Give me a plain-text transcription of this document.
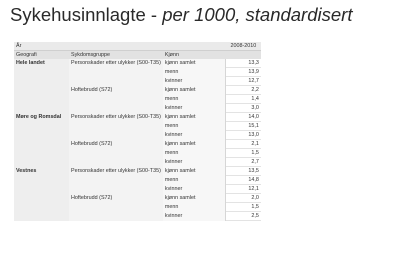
Sykehusinnlagte - per 1000, standardisert
År				2008-2010
Geografi	Sykdomsgruppe	Kjønn		
Hele landet	Personskader etter ulykker (S00-T35)	kjønn samlet		13,3
		menn		13,9
		kvinner		12,7
	Hoftebrudd (S72)	kjønn samlet		2,2
		menn		1,4
		kvinner		3,0
Møre og Romsdal	Personskader etter ulykker (S00-T35)	kjønn samlet		14,0
		menn		15,1
		kvinner		13,0
	Hoftebrudd (S72)	kjønn samlet		2,1
		menn		1,5
		kvinner		2,7
Vestnes	Personskader etter ulykker (S00-T35)	kjønn samlet		13,5
		menn		14,8
		kvinner		12,1
	Hoftebrudd (S72)	kjønn samlet		2,0
		menn		1,5
		kvinner		2,5
